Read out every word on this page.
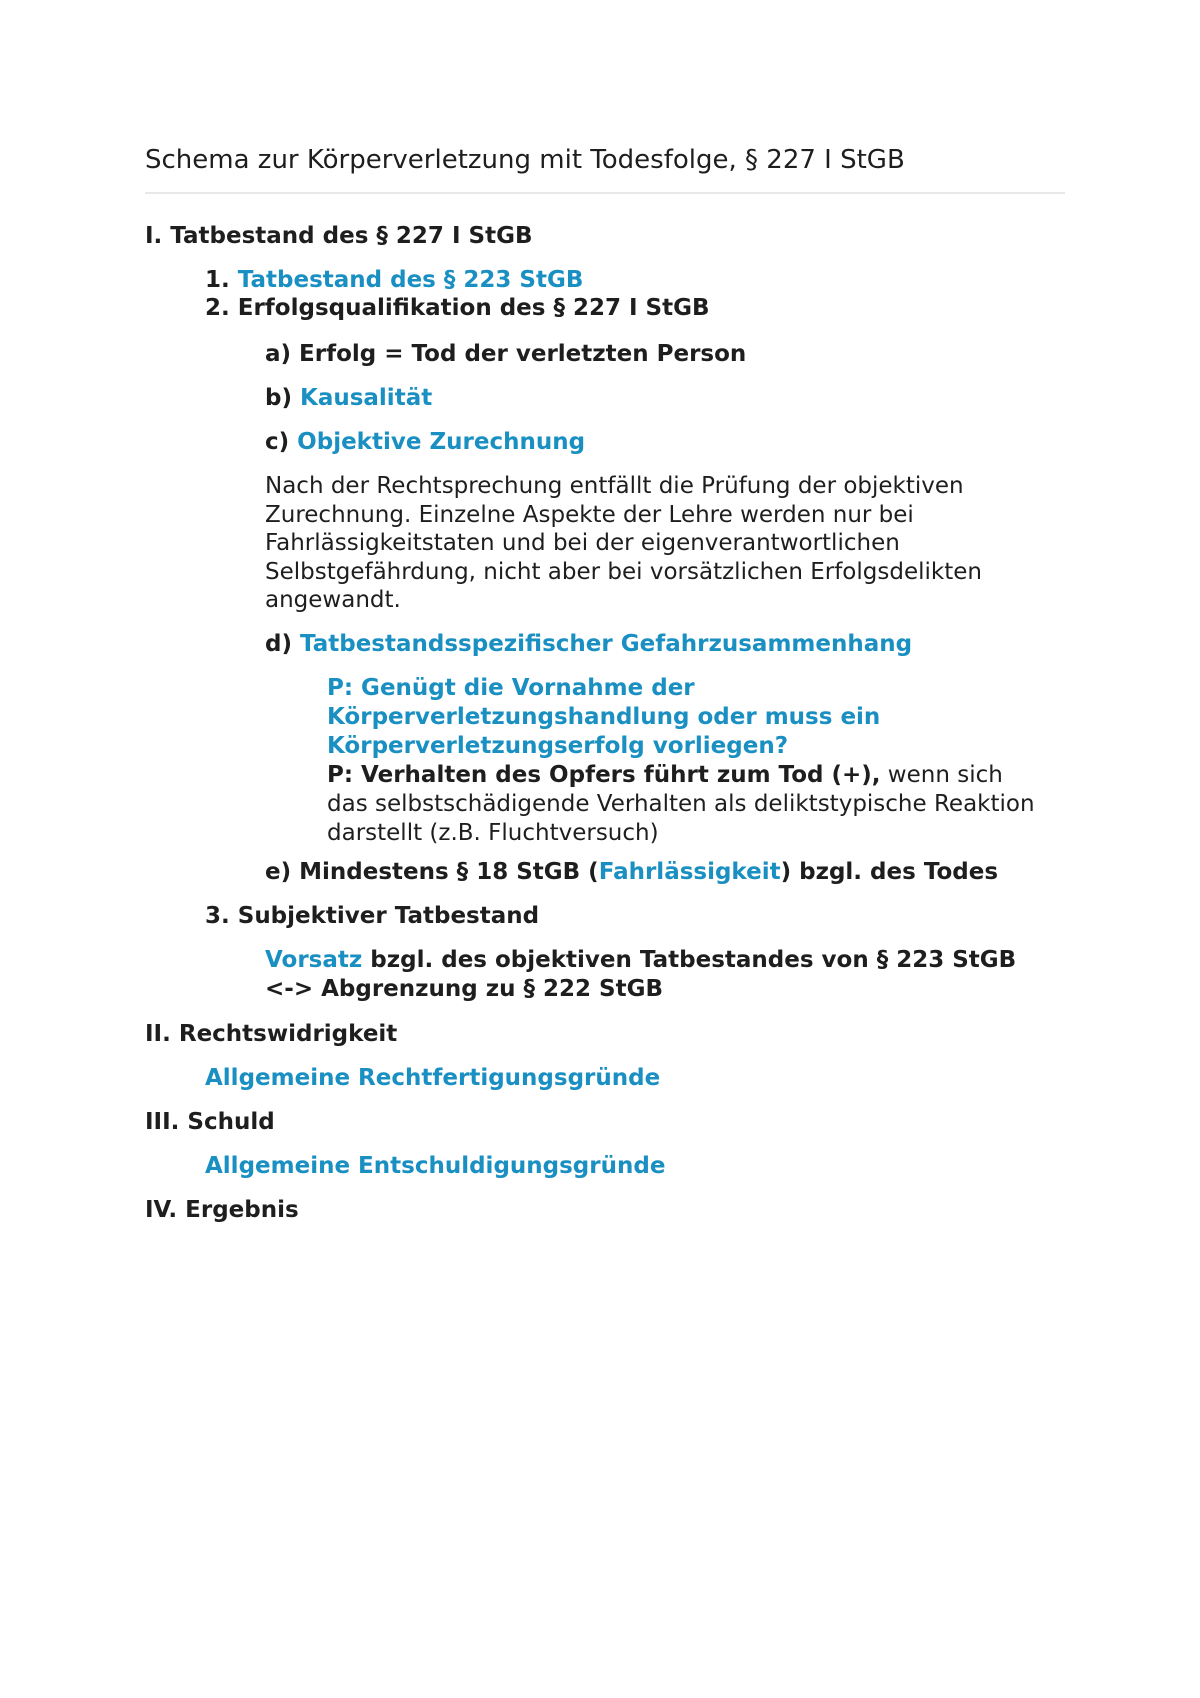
Schema zur Körperverletzung mit Todesfolge, § 227 I StGB
I. Tatbestand des § 227 I StGB
1. Tatbestand des § 223 StGB
2. Erfolgsqualifikation des § 227 I StGB
a) Erfolg = Tod der verletzten Person
b) Kausalität
c) Objektive Zurechnung
Nach der Rechtsprechung entfällt die Prüfung der objektiven Zurechnung. Einzelne Aspekte der Lehre werden nur bei Fahrlässigkeitstaten und bei der eigenverantwortlichen Selbstgefährdung, nicht aber bei vorsätzlichen Erfolgsdelikten angewandt.
d) Tatbestandsspezifischer Gefahrzusammenhang
P: Genügt die Vornahme der Körperverletzungshandlung oder muss ein Körperverletzungserfolg vorliegen?
P: Verhalten des Opfers führt zum Tod (+), wenn sich das selbstschädigende Verhalten als deliktstypische Reaktion darstellt (z.B. Fluchtversuch)
e) Mindestens § 18 StGB (Fahrlässigkeit) bzgl. des Todes
3. Subjektiver Tatbestand
Vorsatz bzgl. des objektiven Tatbestandes von § 223 StGB
<-> Abgrenzung zu § 222 StGB
II. Rechtswidrigkeit
Allgemeine Rechtfertigungsgründe
III. Schuld
Allgemeine Entschuldigungsgründe
IV. Ergebnis
